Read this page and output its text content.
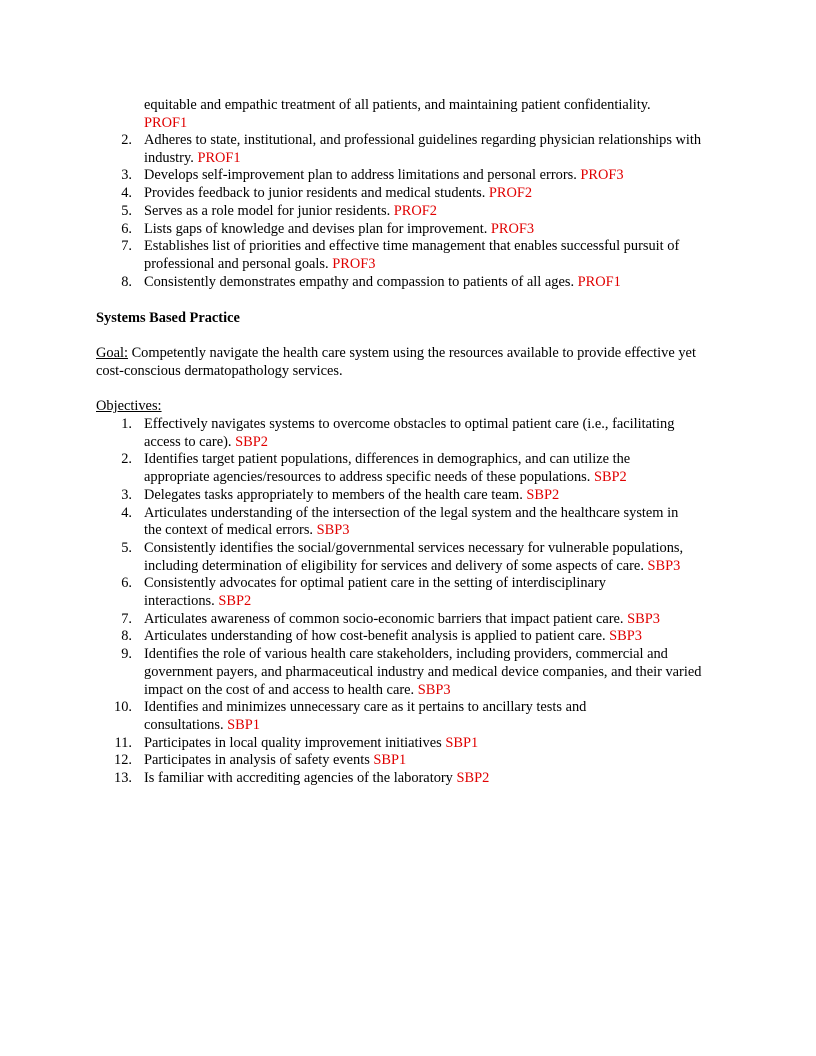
equitable and empathic treatment of all patients, and maintaining patient confidentiality.
PROF1
2. Adheres to state, institutional, and professional guidelines regarding physician relationships with industry. PROF1
3. Develops self-improvement plan to address limitations and personal errors. PROF3
4. Provides feedback to junior residents and medical students. PROF2
5. Serves as a role model for junior residents. PROF2
6. Lists gaps of knowledge and devises plan for improvement. PROF3
7. Establishes list of priorities and effective time management that enables successful pursuit of professional and personal goals. PROF3
8. Consistently demonstrates empathy and compassion to patients of all ages. PROF1
Systems Based Practice
Goal: Competently navigate the health care system using the resources available to provide effective yet cost-conscious dermatopathology services.
Objectives:
1. Effectively navigates systems to overcome obstacles to optimal patient care (i.e., facilitating access to care). SBP2
2. Identifies target patient populations, differences in demographics, and can utilize the appropriate agencies/resources to address specific needs of these populations. SBP2
3. Delegates tasks appropriately to members of the health care team. SBP2
4. Articulates understanding of the intersection of the legal system and the healthcare system in the context of medical errors. SBP3
5. Consistently identifies the social/governmental services necessary for vulnerable populations, including determination of eligibility for services and delivery of some aspects of care. SBP3
6. Consistently advocates for optimal patient care in the setting of interdisciplinary interactions. SBP2
7. Articulates awareness of common socio-economic barriers that impact patient care. SBP3
8. Articulates understanding of how cost-benefit analysis is applied to patient care. SBP3
9. Identifies the role of various health care stakeholders, including providers, commercial and government payers, and pharmaceutical industry and medical device companies, and their varied impact on the cost of and access to health care. SBP3
10. Identifies and minimizes unnecessary care as it pertains to ancillary tests and consultations. SBP1
11. Participates in local quality improvement initiatives SBP1
12. Participates in analysis of safety events SBP1
13. Is familiar with accrediting agencies of the laboratory SBP2
